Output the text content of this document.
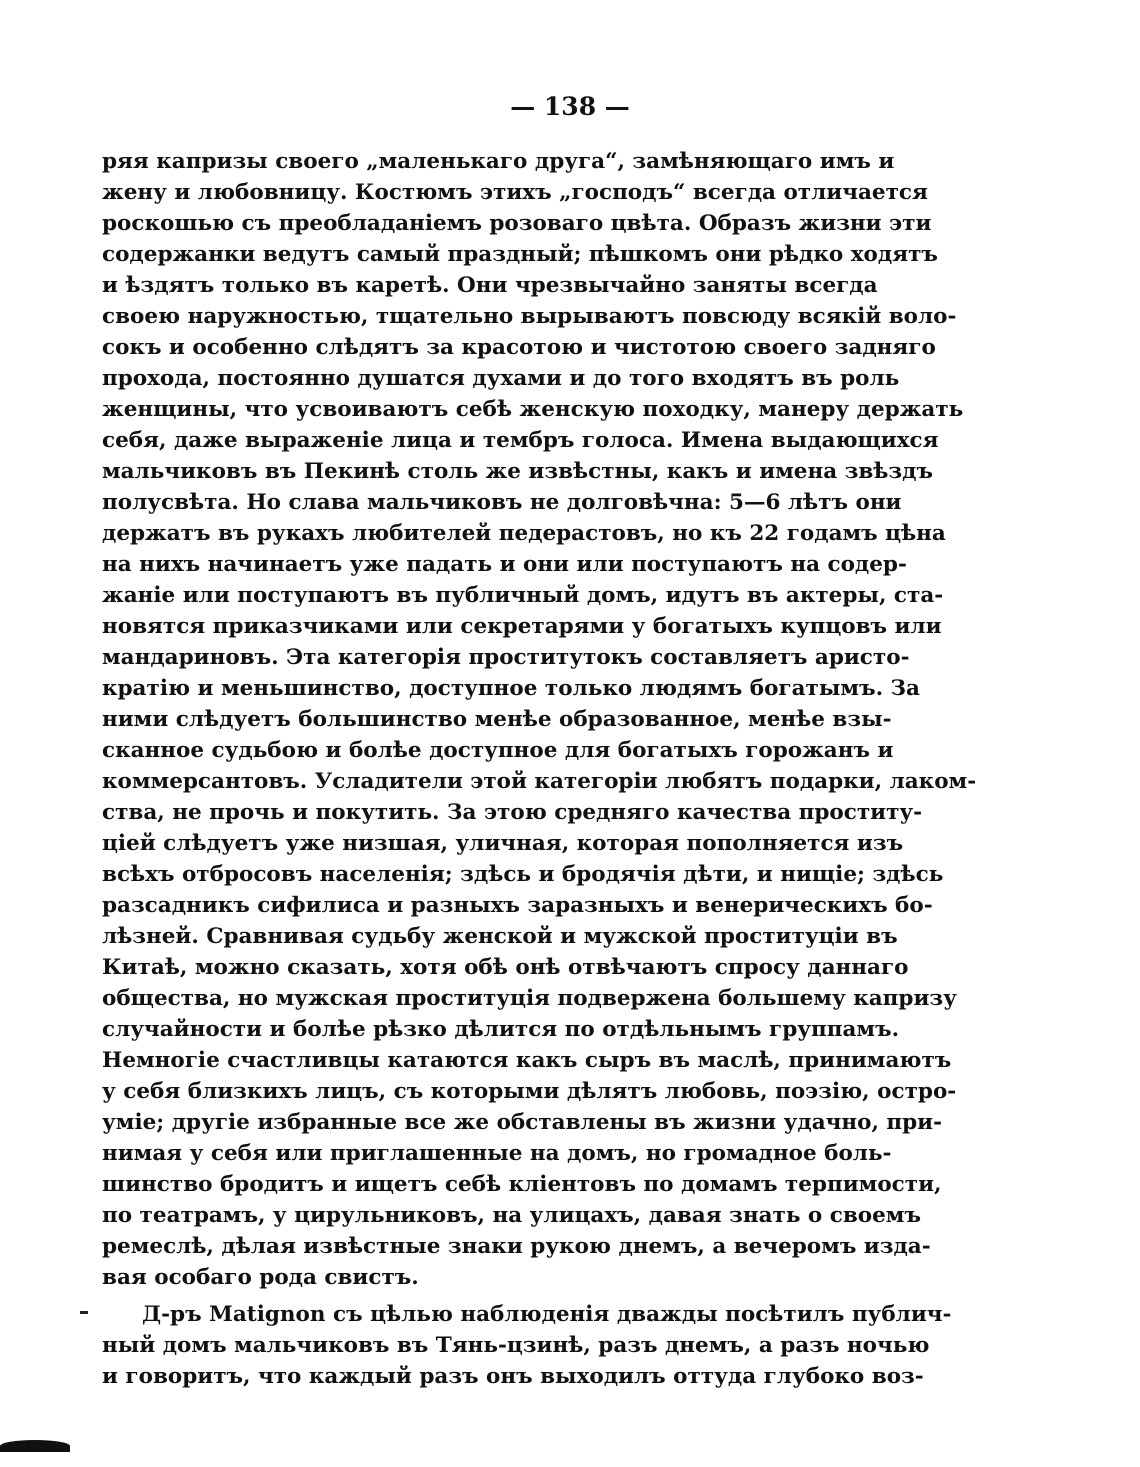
— 138 —
ряя капризы своего „маленькаго друга“, замѣняющаго имъ и
жену и любовницу. Костюмъ этихъ „господъ“ всегда отличается
роскошью съ преобладаніемъ розоваго цвѣта. Образъ жизни эти
содержанки ведутъ самый праздный; пѣшкомъ они рѣдко ходятъ
и ѣздятъ только въ каретѣ. Они чрезвычайно заняты всегда
своею наружностью, тщательно вырываютъ повсюду всякій воло-
сокъ и особенно слѣдятъ за красотою и чистотою своего задняго
прохода, постоянно душатся духами и до того входятъ въ роль
женщины, что усвоиваютъ себѣ женскую походку, манеру держать
себя, даже выраженіе лица и тембръ голоса. Имена выдающихся
мальчиковъ въ Пекинѣ столь же извѣстны, какъ и имена звѣздъ
полусвѣта. Но слава мальчиковъ не долговѣчна: 5—6 лѣтъ они
держатъ въ рукахъ любителей педерастовъ, но къ 22 годамъ цѣна
на нихъ начинаетъ уже падать и они или поступаютъ на содер-
жаніе или поступаютъ въ публичный домъ, идутъ въ актеры, ста-
новятся приказчиками или секретарями у богатыхъ купцовъ или
мандариновъ. Эта категорія проститутокъ составляетъ аристо-
кратію и меньшинство, доступное только людямъ богатымъ. За
ними слѣдуетъ большинство менѣе образованное, менѣе взы-
сканное судьбою и болѣе доступное для богатыхъ горожанъ и
коммерсантовъ. Усладители этой категоріи любятъ подарки, лаком-
ства, не прочь и покутить. За этою средняго качества проститу-
ціей слѣдуетъ уже низшая, уличная, которая пополняется изъ
всѣхъ отбросовъ населенія; здѣсь и бродячія дѣти, и нищіе; здѣсь
разсадникъ сифилиса и разныхъ заразныхъ и венерическихъ бо-
лѣзней. Сравнивая судьбу женской и мужской проституціи въ
Китаѣ, можно сказать, хотя обѣ онѣ отвѣчаютъ спросу даннаго
общества, но мужская проституція подвержена большему капризу
случайности и болѣе рѣзко дѣлится по отдѣльнымъ группамъ.
Немногіе счастливцы катаются какъ сыръ въ маслѣ, принимаютъ
у себя близкихъ лицъ, съ которыми дѣлятъ любовь, поэзію, остро-
уміе; другіе избранные все же обставлены въ жизни удачно, при-
нимая у себя или приглашенные на домъ, но громадное боль-
шинство бродитъ и ищетъ себѣ кліентовъ по домамъ терпимости,
по театрамъ, у цирульниковъ, на улицахъ, давая знать о своемъ
ремеслѣ, дѣлая извѣстные знаки рукою днемъ, а вечеромъ изда-
вая особаго рода свистъ.
Д-ръ Matignon съ цѣлью наблюденія дважды посѣтилъ публич-
ный домъ мальчиковъ въ Тянь-цзинѣ, разъ днемъ, а разъ ночью
и говоритъ, что каждый разъ онъ выходилъ оттуда глубоко воз-
